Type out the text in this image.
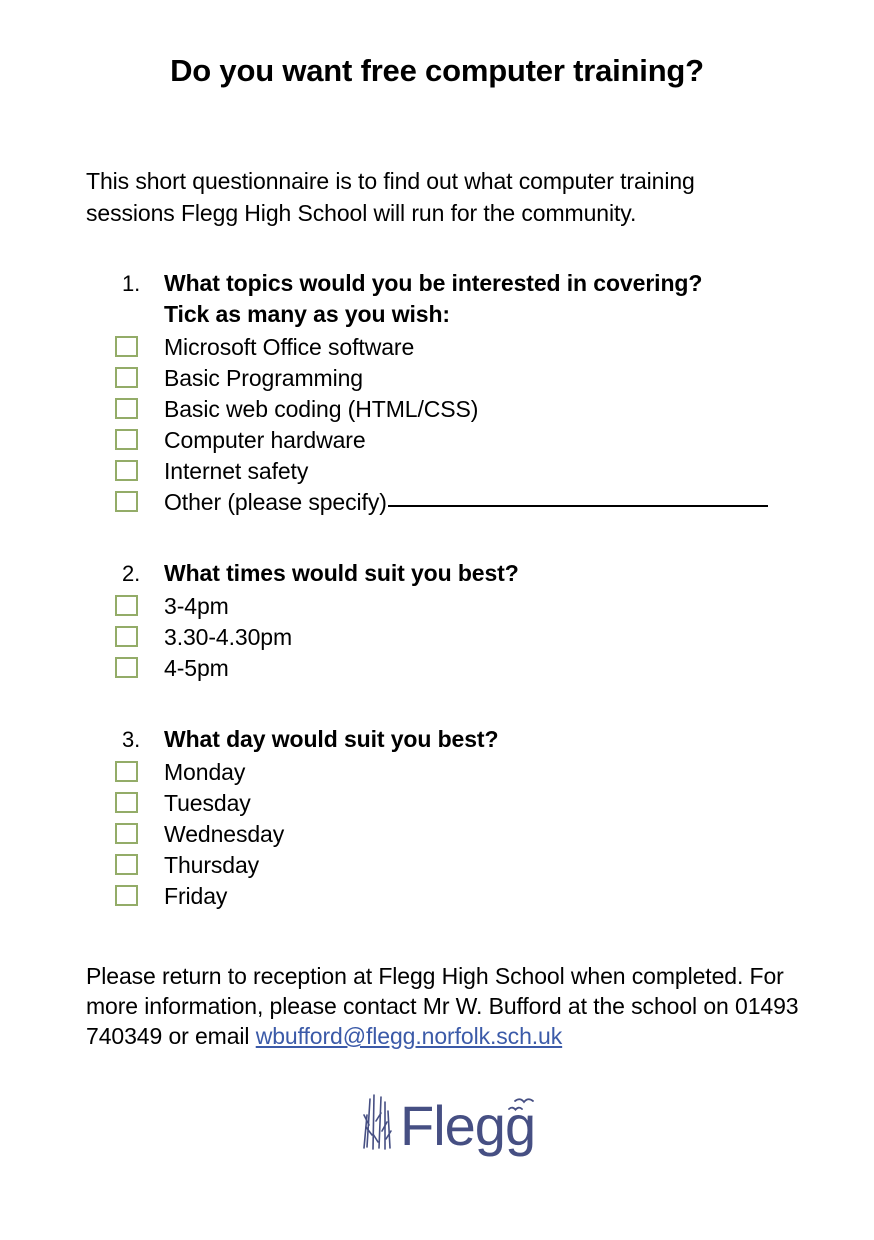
Do you want free computer training?

This short questionnaire is to find out what computer training sessions Flegg High School will run for the community.

1.	What topics would you be interested in covering?
Tick as many as you wish:
Microsoft Office software
Basic Programming
Basic web coding (HTML/CSS)
Computer hardware
Internet safety
Other (please specify)
2.	What times would suit you best?
3-4pm
3.30-4.30pm
4-5pm
3.	What day would suit you best?
Monday
Tuesday
Wednesday
Thursday
Friday

Please return to reception at Flegg High School when completed. For more information, please contact Mr W. Bufford at the school on 01493 740349 or email wbufford@flegg.norfolk.sch.uk

Flegg
